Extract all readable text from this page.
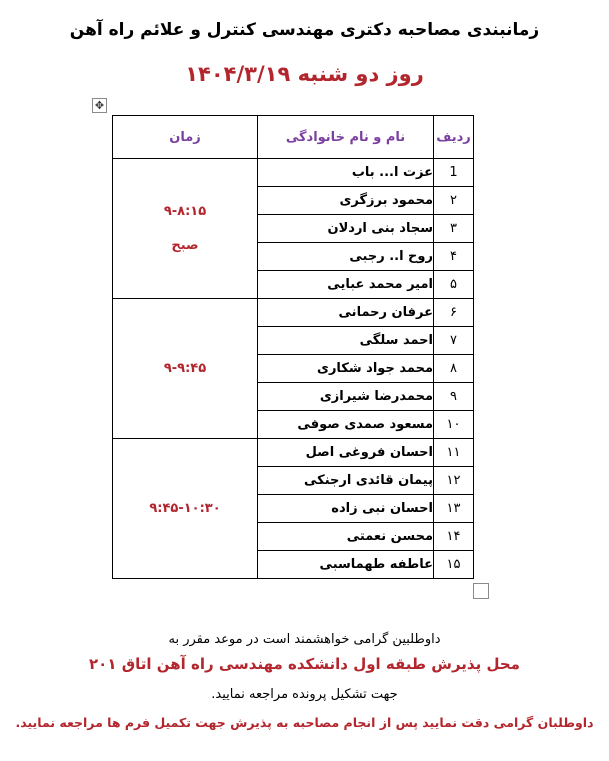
زمانبندی مصاحبه دکتری مهندسی کنترل و علائم راه آهن
روز دو شنبه ۱۴۰۴/۳/۱۹
✥
ردیف	نام و نام خانوادگی	زمان
1	عزت ا... باب	۹-۸:۱۵
صبح

۲	محمود برزگری	
۳	سجاد بنی اردلان	
۴	روح ا.. رجبی	
۵	امیر محمد عبایی	
۶	عرفان رحمانی	۹-۹:۴۵

۷	احمد سلگی	
۸	محمد جواد شکاری	
۹	محمدرضا شیرازی	
۱۰	مسعود صمدی صوفی	
۱۱	احسان فروغی اصل	۹:۴۵-۱۰:۳۰

۱۲	پیمان قائدی ارجنکی	
۱۳	احسان نبی زاده	
۱۴	محسن نعمتی	
۱۵	عاطفه طهماسبی	
داوطلبین گرامی خواهشمند است در موعد مقرر به
محل پذیرش طبقه اول دانشکده مهندسی راه آهن اتاق ۲۰۱
جهت تشکیل پرونده مراجعه نمایید.
داوطلبان گرامی دقت نمایید پس از انجام مصاحبه به پذیرش جهت تکمیل فرم ها مراجعه نمایید.
